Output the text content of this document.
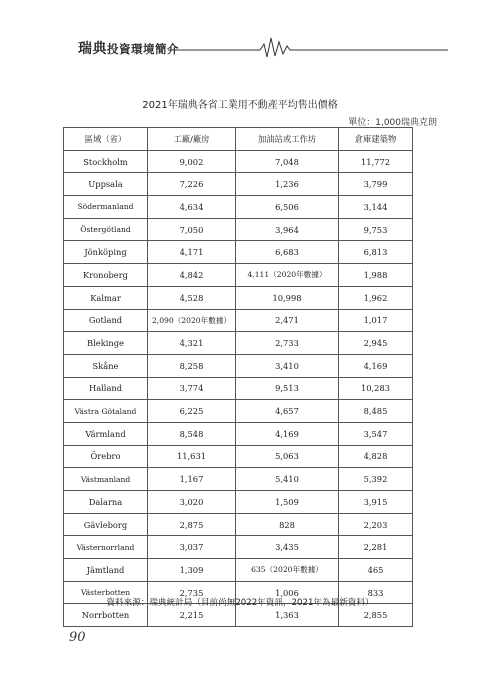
瑞典投資環境簡介
2021年瑞典各省工業用不動產平均售出價格
單位：1,000瑞典克朗
區域（省）	工廠/廠房	加油站或工作坊	倉庫建築物
Stockholm	9,002	7,048	11,772
Uppsala	7,226	1,236	3,799
Södermanland	4,634	6,506	3,144
Östergötland	7,050	3,964	9,753
Jönköping	4,171	6,683	6,813
Kronoberg	4,842	4,111（2020年數據）	1,988
Kalmar	4,528	10,998	1,962
Gotland	2,090（2020年數據）	2,471	1,017
Blekinge	4,321	2,733	2,945
Skåne	8,258	3,410	4,169
Halland	3,774	9,513	10,283
Västra Götaland	6,225	4,657	8,485
Värmland	8,548	4,169	3,547
Örebro	11,631	5,063	4,828
Västmanland	1,167	5,410	5,392
Dalarna	3,020	1,509	3,915
Gävleborg	2,875	828	2,203
Västernorrland	3,037	3,435	2,281
Jämtland	1,309	635（2020年數據）	465
Västerbotten	2,735	1,006	833
Norrbotten	2,215	1,363	2,855
資料來源：瑞典統計局（目前尚無2022年資訊，2021年為最新資料）
90
